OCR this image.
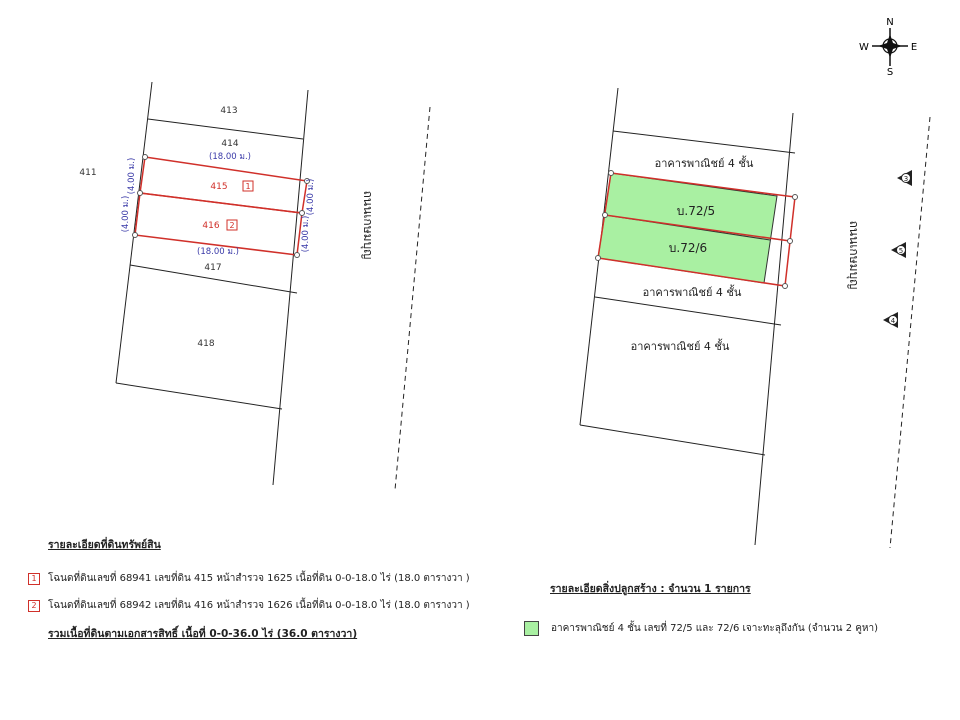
N
S
E
W
413
414
411
415
416
417
418
1
2
(18.00 ม.)
(18.00 ม.)
(4.00 ม.)
(4.00 ม.)	(4.00 ม.)
(4.00 ม.)	ถนนเกษมบุญ
อาคารพาณิชย์ 4 ชั้น
บ.72/5
บ.72/6
อาคารพาณิชย์ 4 ชั้น
อาคารพาณิชย์ 4 ชั้น
ถนนเกษมบุญ
3
5
4
รายละเอียดที่ดินทรัพย์สิน
1	โฉนดที่ดินเลขที่ 68941 เลขที่ดิน 415 หน้าสำรวจ 1625 เนื้อที่ดิน 0-0-18.0 ไร่ (18.0 ตารางวา )
2	โฉนดที่ดินเลขที่ 68942 เลขที่ดิน 416 หน้าสำรวจ 1626 เนื้อที่ดิน 0-0-18.0 ไร่ (18.0 ตารางวา )
รวมเนื้อที่ดินตามเอกสารสิทธิ์ เนื้อที่ 0-0-36.0 ไร่ (36.0 ตารางวา)
รายละเอียดสิ่งปลูกสร้าง : จำนวน 1 รายการ
อาคารพาณิชย์ 4 ชั้น เลขที่ 72/5 และ 72/6 เจาะทะลุถึงกัน (จำนวน 2 คูหา)
